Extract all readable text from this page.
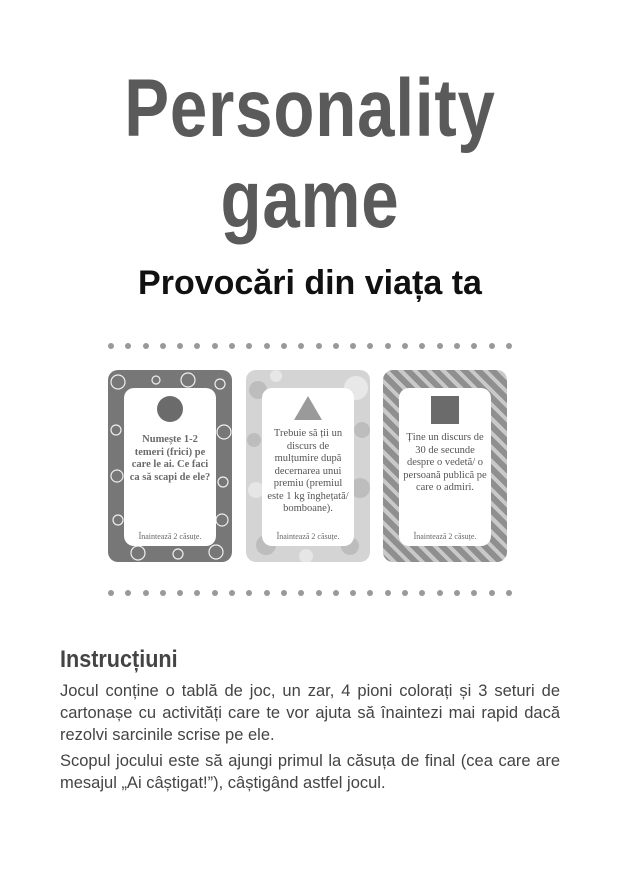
Personality
game
Provocări din viața ta
Numește 1-2 temeri (frici) pe care le ai. Ce faci ca să scapi de ele?
Înaintează 2 căsuțe.
Trebuie să ții un discurs de mulțumire după decernarea unui premiu (premiul este 1 kg înghețată/ bomboane).
Înaintează 2 căsuțe.
Ține un discurs de 30 de secunde despre o vedetă/ o persoană publică pe care o admiri.
Înaintează 2 căsuțe.
Instrucțiuni
Jocul conține o tablă de joc, un zar, 4 pioni colorați și 3 seturi de cartonașe cu activități care te vor ajuta să înaintezi mai rapid dacă rezolvi sarcinile scrise pe ele.
Scopul jocului este să ajungi primul la căsuța de final (cea care are mesajul „Ai câștigat!”), câștigând astfel jocul.
